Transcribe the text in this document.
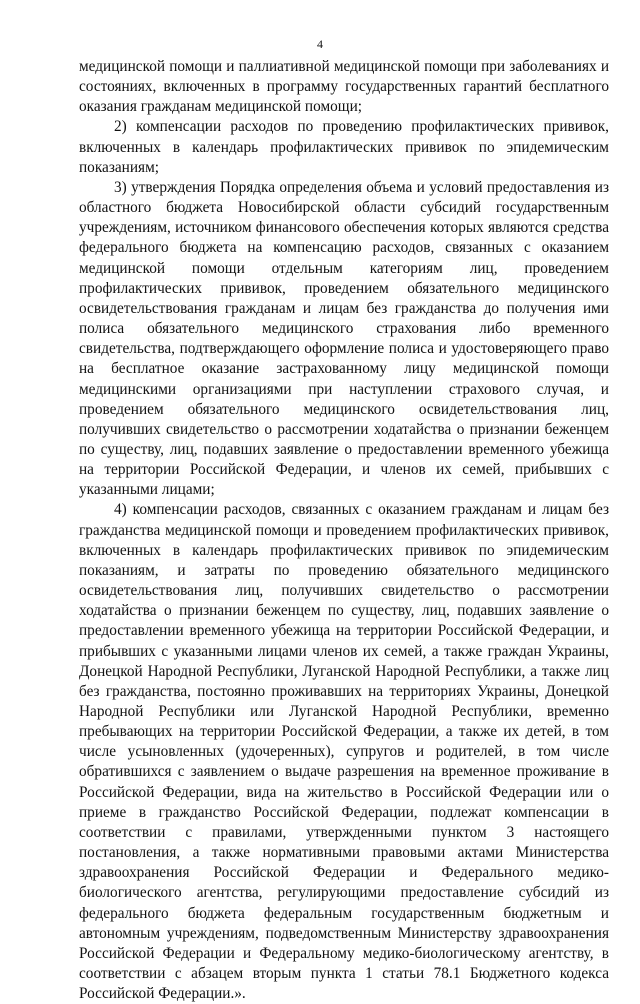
4

медицинской помощи и паллиативной медицинской помощи при заболеваниях и состояниях, включенных в программу государственных гарантий бесплатного оказания гражданам медицинской помощи;

2) компенсации расходов по проведению профилактических прививок, включенных в календарь профилактических прививок по эпидемическим показаниям;

3) утверждения Порядка определения объема и условий предоставления из областного бюджета Новосибирской области субсидий государственным учреждениям, источником финансового обеспечения которых являются средства федерального бюджета на компенсацию расходов, связанных с оказанием медицинской помощи отдельным категориям лиц, проведением профилактических прививок, проведением обязательного медицинского освидетельствования гражданам и лицам без гражданства до получения ими полиса обязательного медицинского страхования либо временного свидетельства, подтверждающего оформление полиса и удостоверяющего право на бесплатное оказание застрахованному лицу медицинской помощи медицинскими организациями при наступлении страхового случая, и проведением обязательного медицинского освидетельствования лиц, получивших свидетельство о рассмотрении ходатайства о признании беженцем по существу, лиц, подавших заявление о предоставлении временного убежища на территории Российской Федерации, и членов их семей, прибывших с указанными лицами;

4) компенсации расходов, связанных с оказанием гражданам и лицам без гражданства медицинской помощи и проведением профилактических прививок, включенных в календарь профилактических прививок по эпидемическим показаниям, и затраты по проведению обязательного медицинского освидетельствования лиц, получивших свидетельство о рассмотрении ходатайства о признании беженцем по существу, лиц, подавших заявление о предоставлении временного убежища на территории Российской Федерации, и прибывших с указанными лицами членов их семей, а также граждан Украины, Донецкой Народной Республики, Луганской Народной Республики, а также лиц без гражданства, постоянно проживавших на территориях Украины, Донецкой Народной Республики или Луганской Народной Республики, временно пребывающих на территории Российской Федерации, а также их детей, в том числе усыновленных (удочеренных), супругов и родителей, в том числе обратившихся с заявлением о выдаче разрешения на временное проживание в Российской Федерации, вида на жительство в Российской Федерации или о приеме в гражданство Российской Федерации, подлежат компенсации в соответствии с правилами, утвержденными пунктом 3 настоящего постановления, а также нормативными правовыми актами Министерства здравоохранения Российской Федерации и Федерального медико-биологического агентства, регулирующими предоставление субсидий из федерального бюджета федеральным государственным бюджетным и автономным учреждениям, подведомственным Министерству здравоохранения Российской Федерации и Федеральному медико-биологическому агентству, в соответствии с абзацем вторым пункта 1 статьи 78.1 Бюджетного кодекса Российской Федерации.».
